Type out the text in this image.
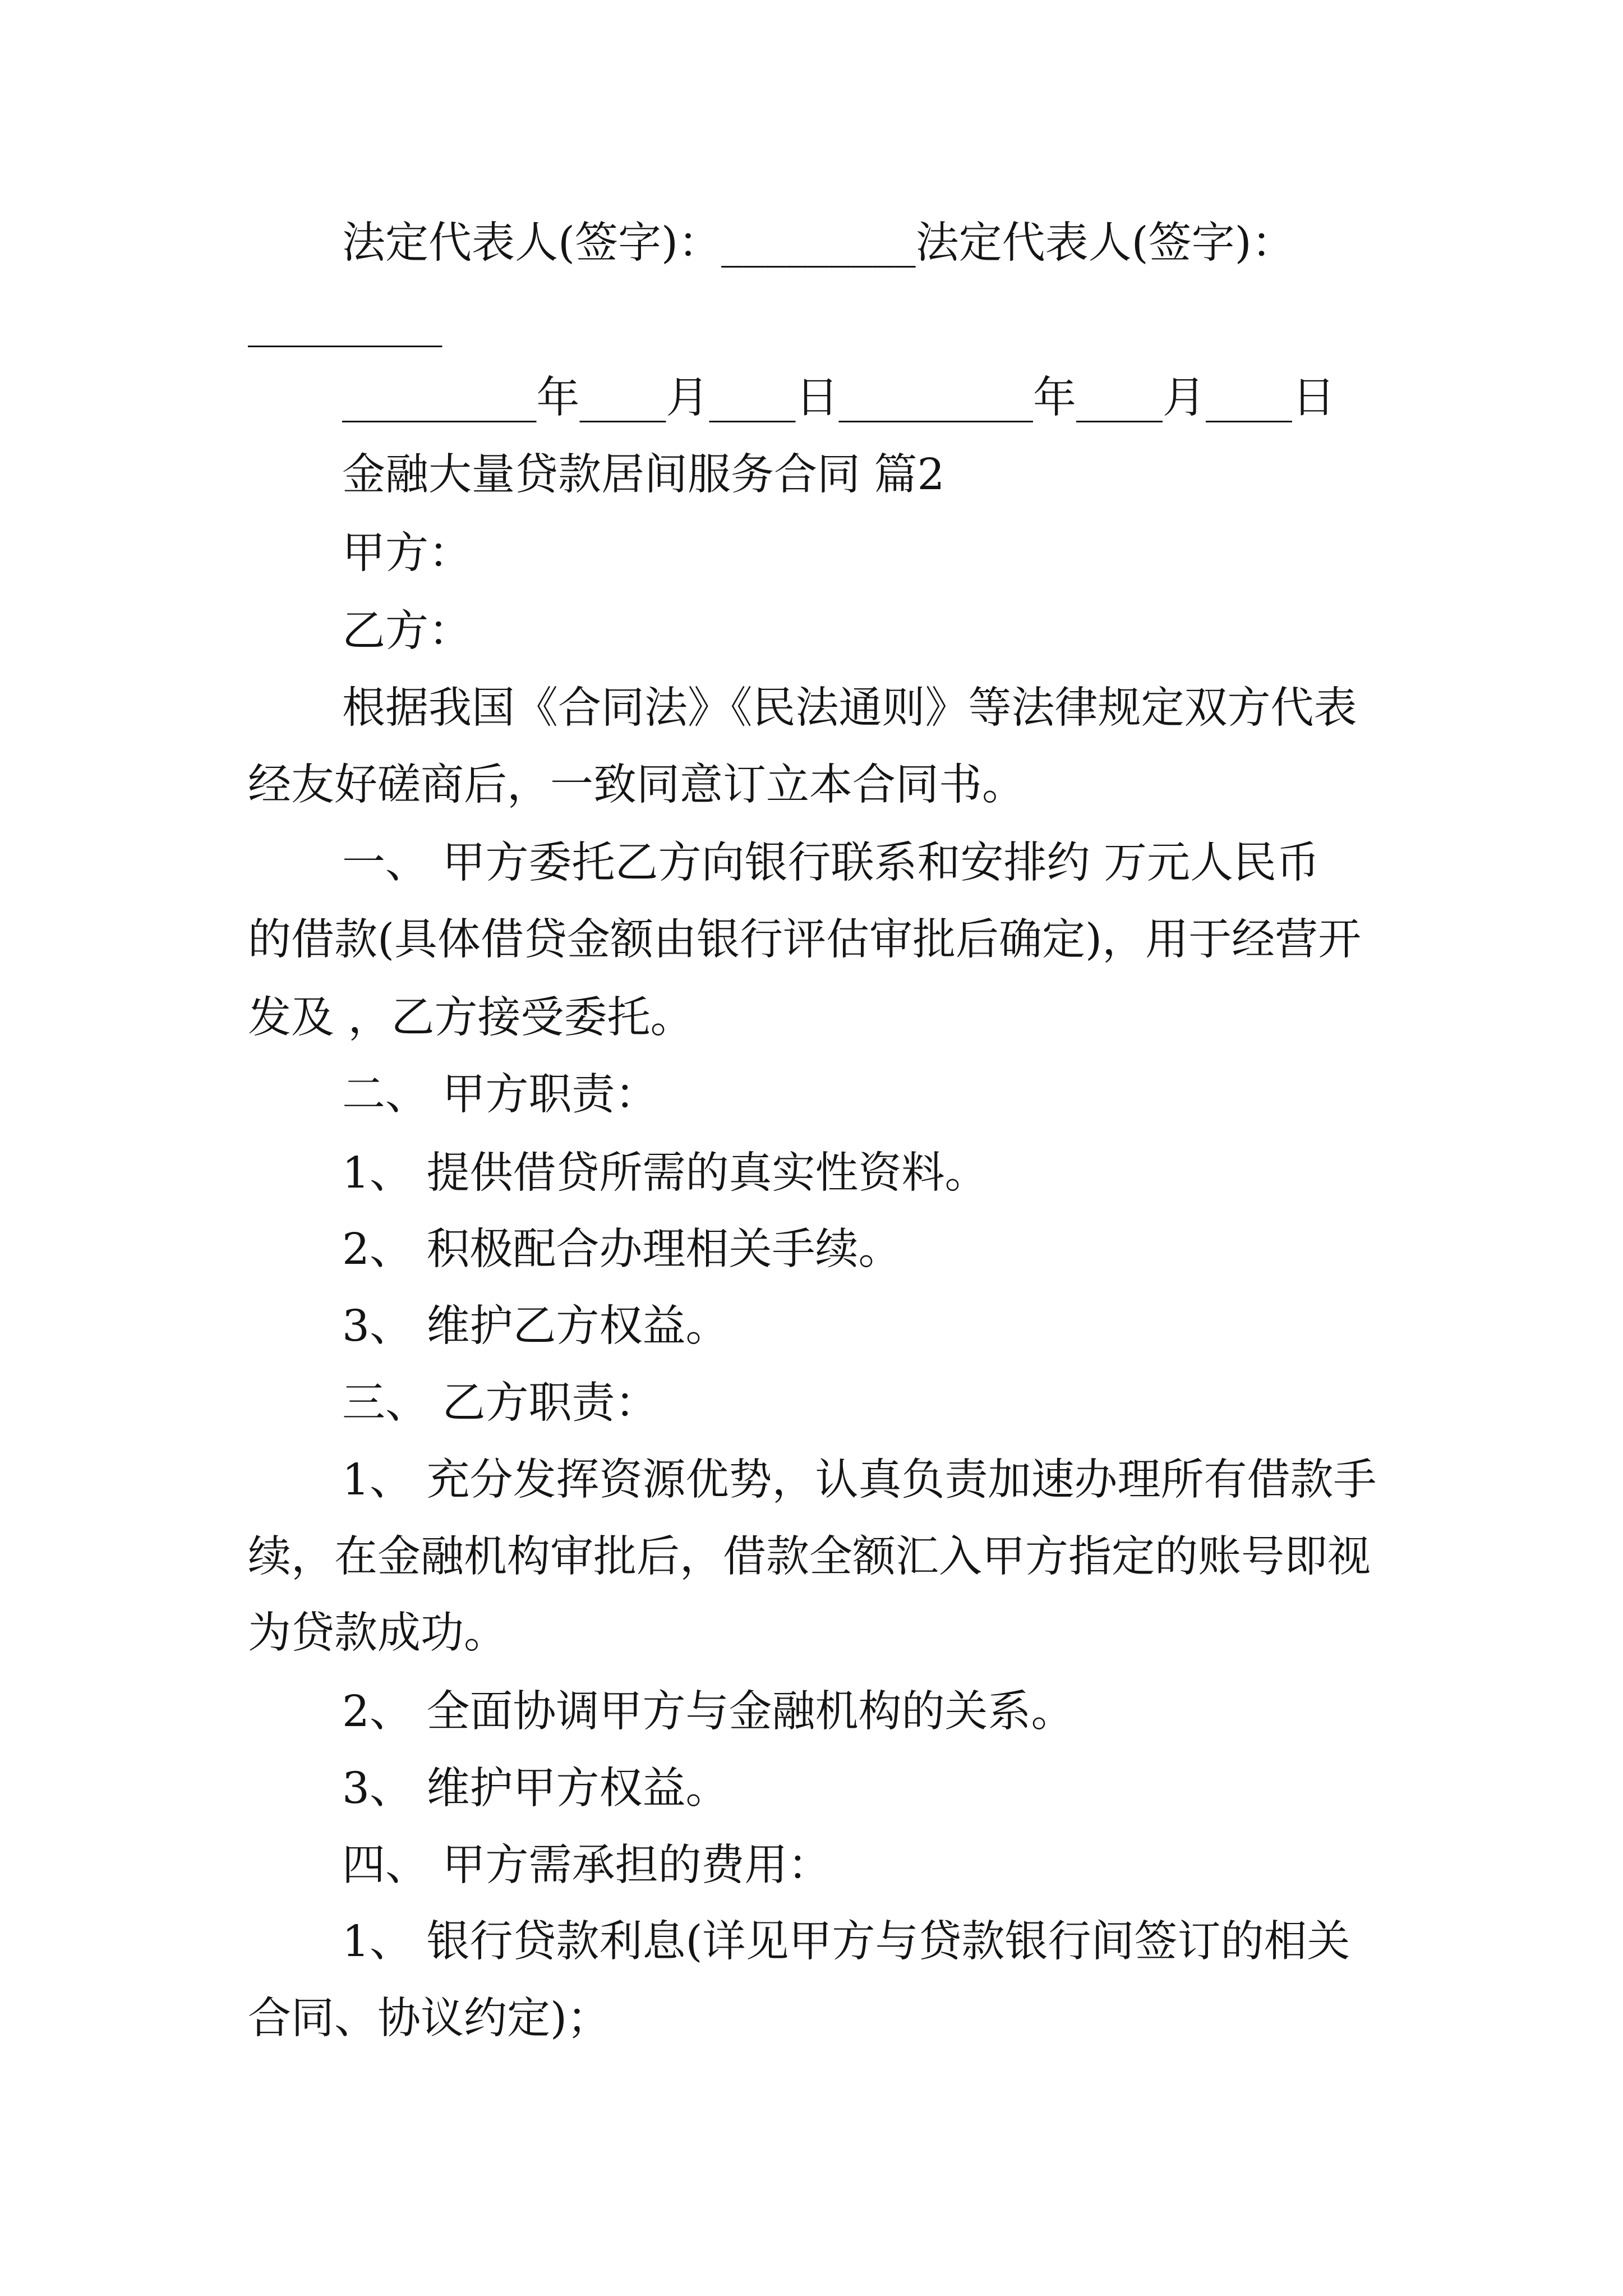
法定代表人(签字)：_________法定代表人(签字)：
_________
_________年____月____日_________年____月____日
金融大量贷款居间服务合同 篇2
甲方：
乙方：
根据我国《合同法》《民法通则》等法律规定双方代表
经友好磋商后，一致同意订立本合同书。
一、 甲方委托乙方向银行联系和安排约 万元人民币
的借款(具体借贷金额由银行评估审批后确定)，用于经营开
发及 ，乙方接受委托。
二、 甲方职责：
1、 提供借贷所需的真实性资料。
2、 积极配合办理相关手续。
3、 维护乙方权益。
三、 乙方职责：
1、 充分发挥资源优势，认真负责加速办理所有借款手
续，在金融机构审批后，借款全额汇入甲方指定的账号即视
为贷款成功。
2、 全面协调甲方与金融机构的关系。
3、 维护甲方权益。
四、 甲方需承担的费用：
1、 银行贷款利息(详见甲方与贷款银行间签订的相关
合同、协议约定)；
